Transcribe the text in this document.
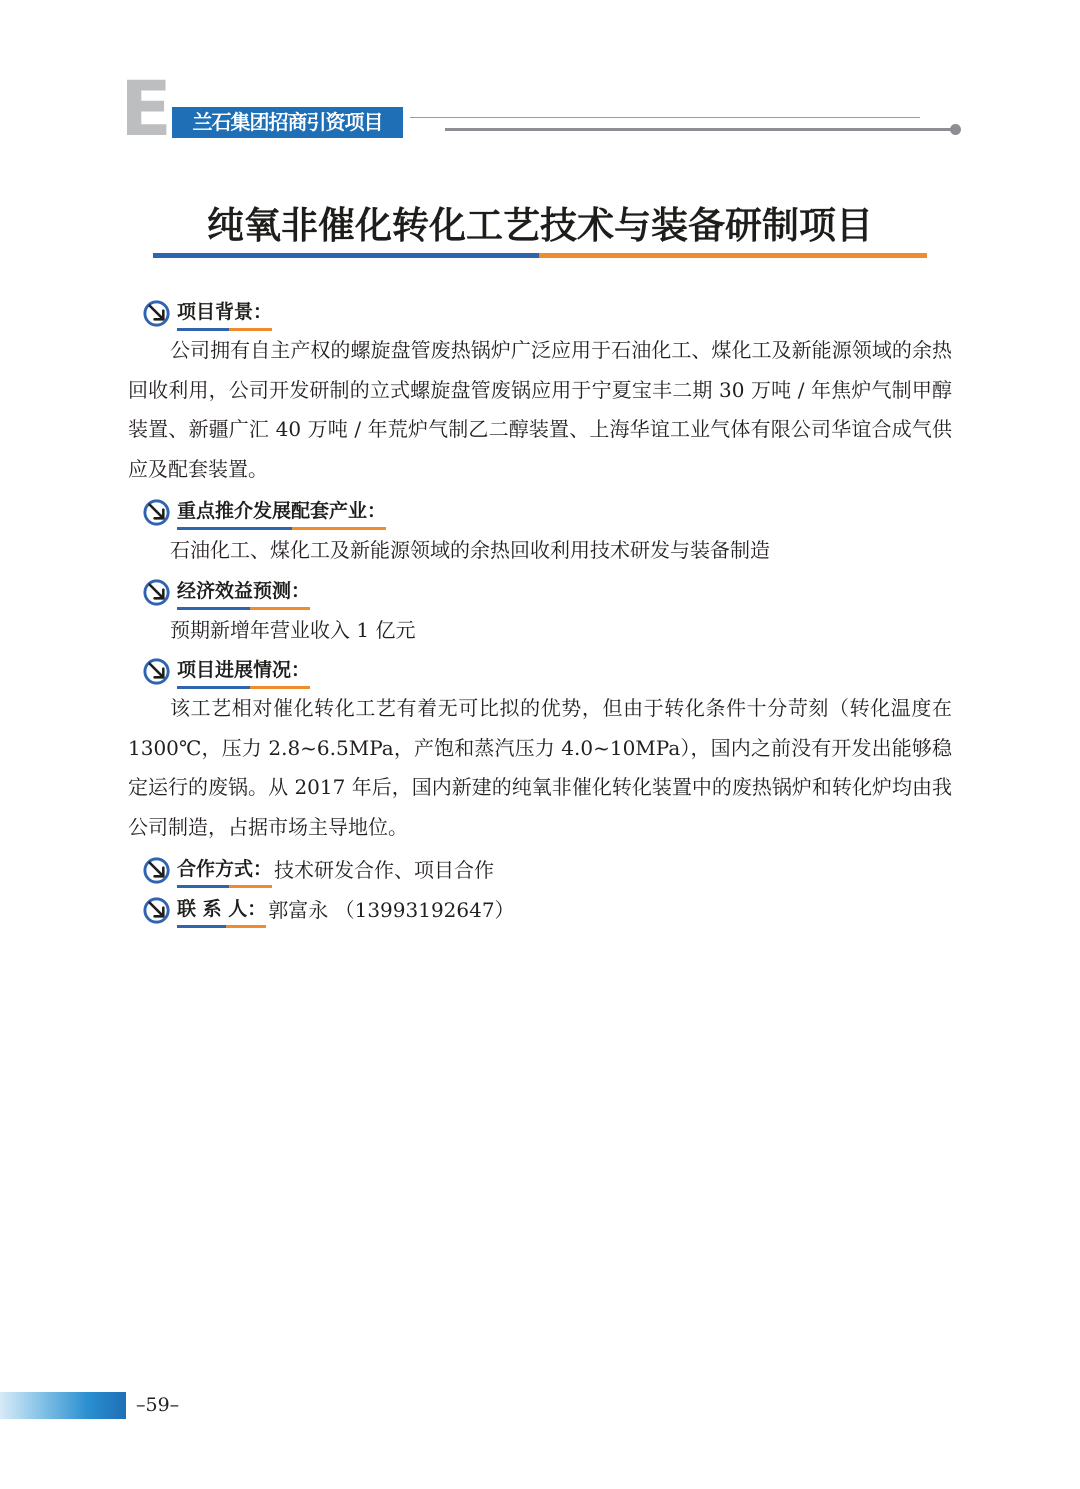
E	兰石集团招商引资项目
纯氧非催化转化工艺技术与装备研制项目
项目背景：

公司拥有自主产权的螺旋盘管废热锅炉广泛应用于石油化工、煤化工及新能源领域的余热回收利用，公司开发研制的立式螺旋盘管废锅应用于宁夏宝丰二期 30 万吨 / 年焦炉气制甲醇装置、新疆广汇 40 万吨 / 年荒炉气制乙二醇装置、上海华谊工业气体有限公司华谊合成气供应及配套装置。

重点推介发展配套产业：

石油化工、煤化工及新能源领域的余热回收利用技术研发与装备制造

经济效益预测：

预期新增年营业收入 1 亿元

项目进展情况：

该工艺相对催化转化工艺有着无可比拟的优势，但由于转化条件十分苛刻（转化温度在 1300℃，压力 2.8~6.5MPa，产饱和蒸汽压力 4.0~10MPa），国内之前没有开发出能够稳定运行的废锅。从 2017 年后，国内新建的纯氧非催化转化装置中的废热锅炉和转化炉均由我公司制造，占据市场主导地位。

合作方式： 技术研发合作、项目合作
联 系 人： 郭富永 （13993192647）
–59–
